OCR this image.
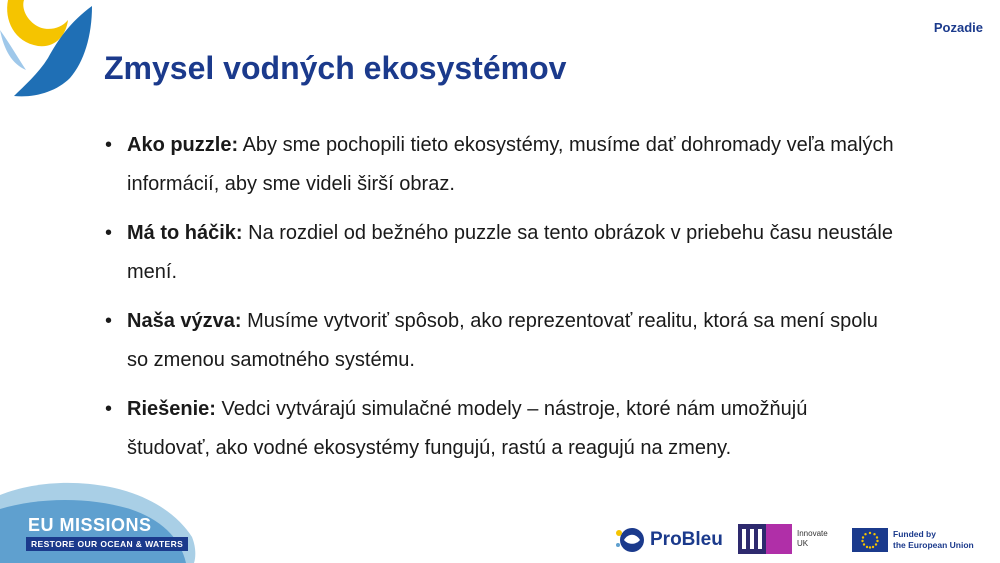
Pozadie
Zmysel vodných ekosystémov
• Ako puzzle: Aby sme pochopili tieto ekosystémy, musíme dať dohromady veľa malých informácií, aby sme videli širší obraz.
• Má to háčik: Na rozdiel od bežného puzzle sa tento obrázok v priebehu času neustále mení.
• Naša výzva: Musíme vytvoriť spôsob, ako reprezentovať realitu, ktorá sa mení spolu so zmenou samotného systému.
• Riešenie: Vedci vytvárajú simulačné modely – nástroje, ktoré nám umožňujú študovať, ako vodné ekosystémy fungujú, rastú a reagujú na zmeny.
EU MISSIONS
RESTORE OUR OCEAN & WATERS	ProBleu	Innovate
UK
Funded by
the European Union
